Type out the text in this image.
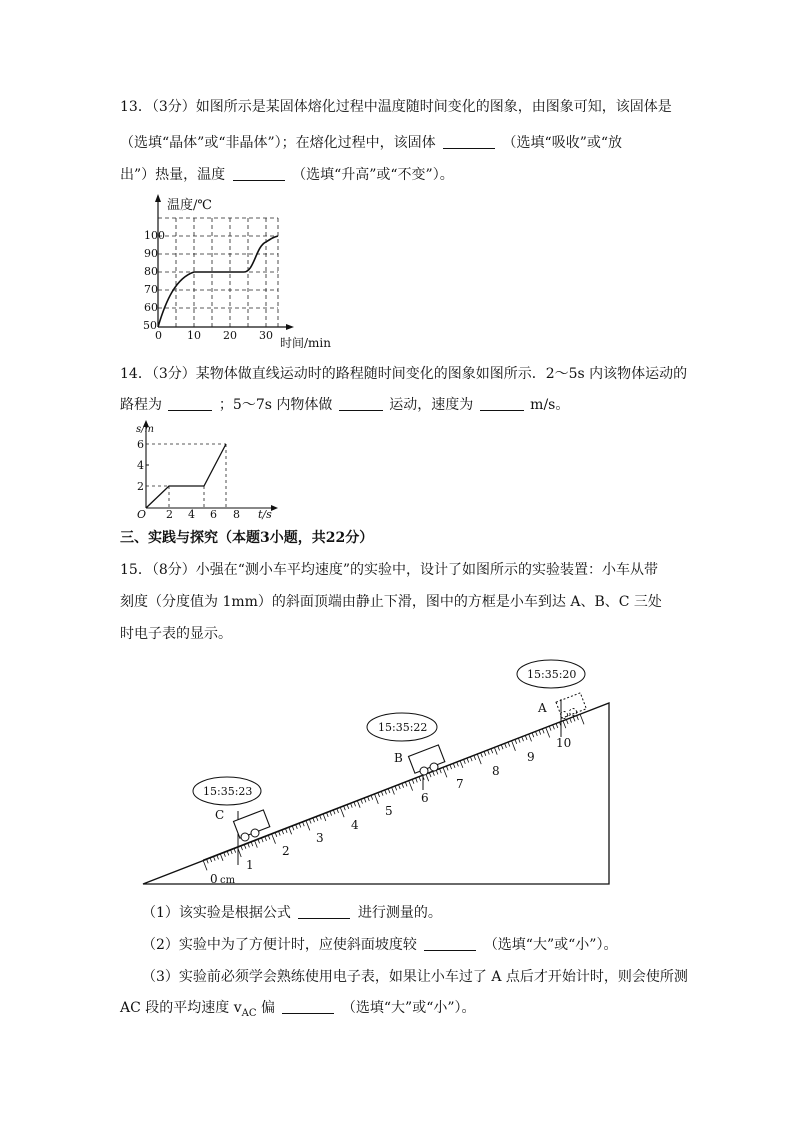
13．（3分）如图所示是某固体熔化过程中温度随时间变化的图象，由图象可知，该固体是
（选填“晶体”或“非晶体”）；在熔化过程中，该固体	（选填“吸收”或“放
出”）热量，温度	（选填“升高”或“不变”）。
100
90
80
70
60
50
0 10 20 30
温度/℃
时间/min
14．（3分）某物体做直线运动时的路程随时间变化的图象如图所示．2～5s 内该物体运动的
路程为	；5～7s 内物体做	运动，速度为	m/s。
s/m
6
4
2
O 2 4 6 8 t/s
三、实践与探究（本题3小题，共22分）
15．（8分）小强在“测小车平均速度”的实验中，设计了如图所示的实验装置：小车从带
刻度（分度值为 1mm）的斜面顶端由静止下滑，图中的方框是小车到达 A、B、C 三处
时电子表的显示。
0 cm
1
2
3
4
5
6
7
8
9
10
C
B
A
15:35:23
15:35:22
15:35:20
（1）该实验是根据公式	进行测量的。
（2）实验中为了方便计时，应使斜面坡度较	（选填“大”或“小”）。
（3）实验前必须学会熟练使用电子表，如果让小车过了 A 点后才开始计时，则会使所测
AC 段的平均速度 $v_{AC}$ 偏	（选填“大”或“小”）。
